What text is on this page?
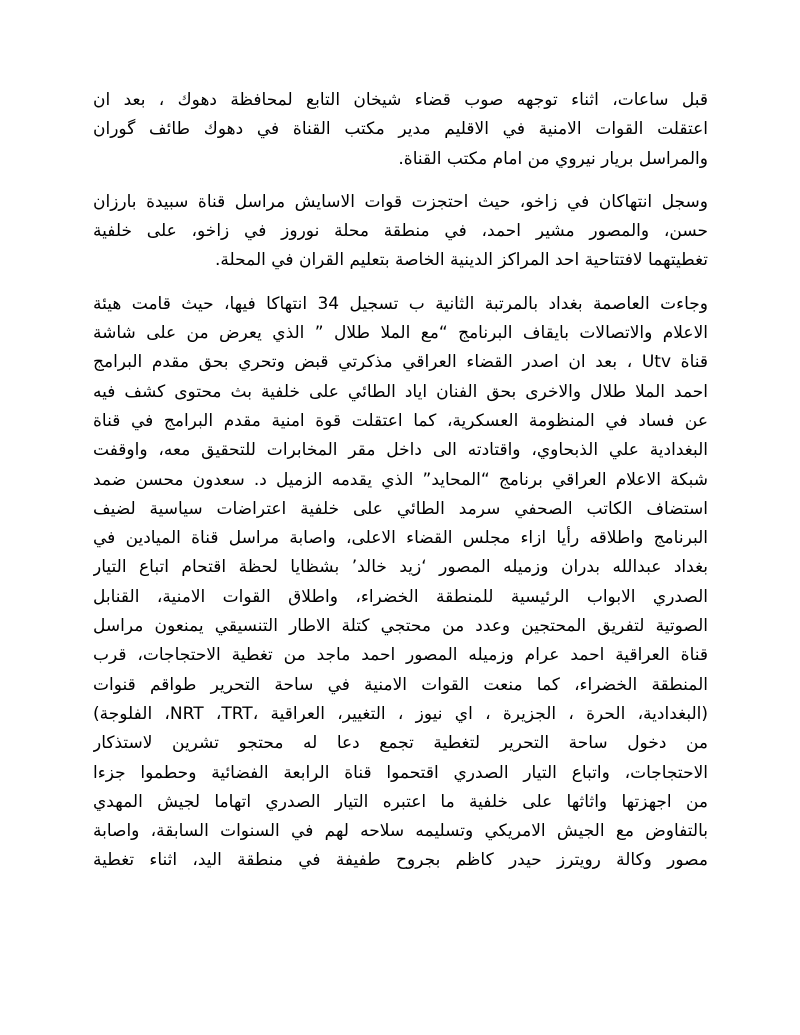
قبل ساعات، اثناء توجهه صوب قضاء شيخان التابع لمحافظة دهوك ، بعد ان
اعتقلت القوات الامنية في الاقليم مدير مكتب القناة في دهوك طائف گوران
والمراسل بريار نيروي من امام مكتب القناة.
وسجل انتهاكان في زاخو، حيث احتجزت قوات الاسايش مراسل قناة سبيدة بارزان
حسن، والمصور مشير احمد، في منطقة محلة نوروز في زاخو، على خلفية
تغطيتهما لافتتاحية احد المراكز الدينية الخاصة بتعليم القران في المحلة.
وجاءت العاصمة بغداد بالمرتبة الثانية ب تسجيل 34 انتهاكا فيها، حيث قامت هيئة
الاعلام والاتصالات بايقاف البرنامج “مع الملا طلال ” الذي يعرض من على شاشة
قناة Utv ، بعد ان اصدر القضاء العراقي مذكرتي قبض وتحري بحق مقدم البرامج
احمد الملا طلال والاخرى بحق الفنان اياد الطائي على خلفية بث محتوى كشف فيه
عن فساد في المنظومة العسكرية، كما اعتقلت قوة امنية مقدم البرامج في قناة
البغدادية علي الذبحاوي، واقتادته الى داخل مقر المخابرات للتحقيق معه، واوقفت
شبكة الاعلام العراقي برنامج “المحايد” الذي يقدمه الزميل د. سعدون محسن ضمد
استضاف الكاتب الصحفي سرمد الطائي على خلفية اعتراضات سياسية لضيف
البرنامج واطلاقه رأيا ازاء مجلس القضاء الاعلى، واصابة مراسل قناة الميادين في
بغداد عبدالله بدران وزميله المصور ‘زيد خالد’ بشظايا لحظة اقتحام اتباع التيار
الصدري الابواب الرئيسية للمنطقة الخضراء، واطلاق القوات الامنية، القنابل
الصوتية لتفريق المحتجين وعدد من محتجي كتلة الاطار التنسيقي يمنعون مراسل
قناة العراقية احمد عرام وزميله المصور احمد ماجد من تغطية الاحتجاجات، قرب
المنطقة الخضراء، كما منعت القوات الامنية في ساحة التحرير طواقم قنوات
(البغدادية، الحرة ، الجزيرة ، اي نيوز ، التغيير، العراقية ،NRT ،TRT، الفلوجة)
من دخول ساحة التحرير لتغطية تجمع دعا له محتجو تشرين لاستذكار
الاحتجاجات، واتباع التيار الصدري اقتحموا قناة الرابعة الفضائية وحطموا جزءا
من اجهزتها واثاثها على خلفية ما اعتبره التيار الصدري اتهاما لجيش المهدي
بالتفاوض مع الجيش الامريكي وتسليمه سلاحه لهم في السنوات السابقة، واصابة
مصور وكالة رويترز حيدر كاظم بجروح طفيفة في منطقة اليد، اثناء تغطية
